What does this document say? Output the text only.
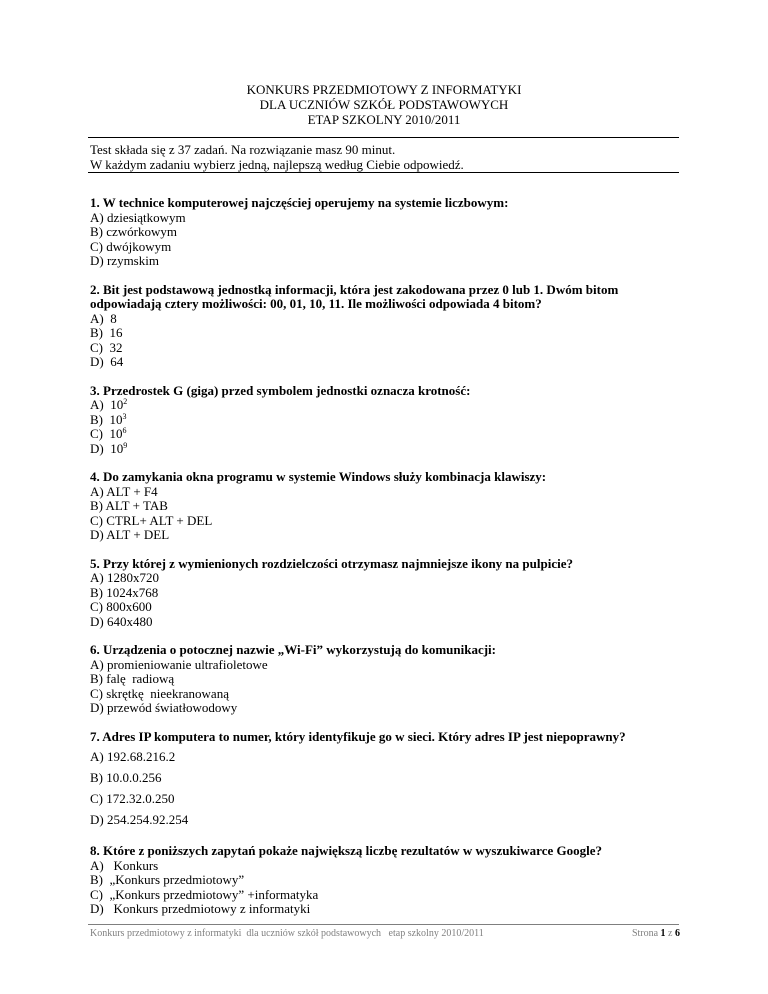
KONKURS PRZEDMIOTOWY Z INFORMATYKI
DLA UCZNIÓW SZKÓŁ PODSTAWOWYCH
ETAP SZKOLNY 2010/2011
Test składa się z 37 zadań. Na rozwiązanie masz 90 minut.
W każdym zadaniu wybierz jedną, najlepszą według Ciebie odpowiedź.
1. W technice komputerowej najczęściej operujemy na systemie liczbowym:
A) dziesiątkowym
B) czwórkowym
C) dwójkowym
D) rzymskim
2. Bit jest podstawową jednostką informacji, która jest zakodowana przez 0 lub 1. Dwóm bitom odpowiadają cztery możliwości: 00, 01, 10, 11. Ile możliwości odpowiada 4 bitom?
A)  8
B)  16
C)  32
D)  64
3. Przedrostek G (giga) przed symbolem jednostki oznacza krotność:
A)  $10^2$
B)  $10^3$
C)  $10^6$
D)  $10^9$
4. Do zamykania okna programu w systemie Windows służy kombinacja klawiszy:
A) ALT + F4
B) ALT + TAB
C) CTRL+ ALT + DEL
D) ALT + DEL
5. Przy której z wymienionych rozdzielczości otrzymasz najmniejsze ikony na pulpicie?
A) 1280x720
B) 1024x768
C) 800x600
D) 640x480
6. Urządzenia o potocznej nazwie „Wi-Fi” wykorzystują do komunikacji:
A) promieniowanie ultrafioletowe
B) falę  radiową
C) skrętkę  nieekranowaną
D) przewód światłowodowy
7. Adres IP komputera to numer, który identyfikuje go w sieci. Który adres IP jest niepoprawny?
A) 192.68.216.2
B) 10.0.0.256
C) 172.32.0.250
D) 254.254.92.254
8. Które z poniższych zapytań pokaże największą liczbę rezultatów w wyszukiwarce Google?
A)   Konkurs
B)  „Konkurs przedmiotowy”
C)  „Konkurs przedmiotowy” +informatyka
D)   Konkurs przedmiotowy z informatyki
Konkurs przedmiotowy z informatyki  dla uczniów szkół podstawowych   etap szkolny 2010/2011	Strona 1 z 6
